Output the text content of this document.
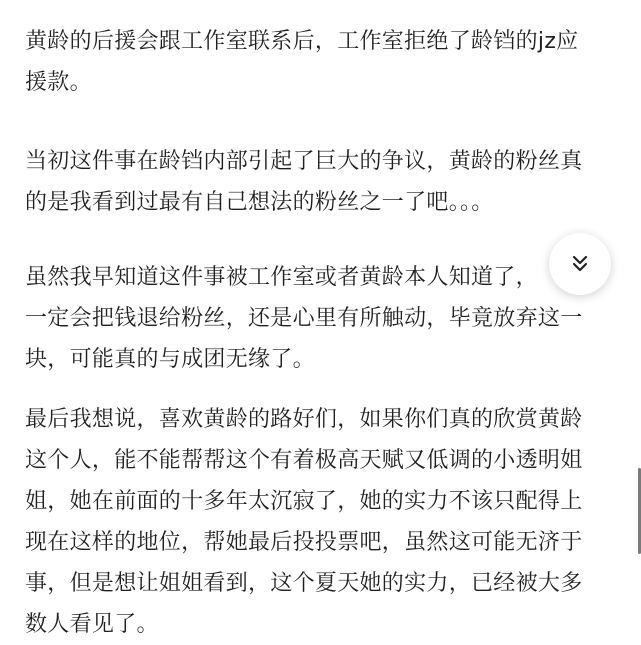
黄龄的后援会跟工作室联系后，工作室拒绝了龄铛的jz应
援款。

当初这件事在龄铛内部引起了巨大的争议，黄龄的粉丝真
的是我看到过最有自己想法的粉丝之一了吧。。。

虽然我早知道这件事被工作室或者黄龄本人知道了，
一定会把钱退给粉丝，还是心里有所触动，毕竟放弃这一
块，可能真的与成团无缘了。

最后我想说，喜欢黄龄的路好们，如果你们真的欣赏黄龄
这个人，能不能帮帮这个有着极高天赋又低调的小透明姐
姐，她在前面的十多年太沉寂了，她的实力不该只配得上
现在这样的地位，帮她最后投投票吧，虽然这可能无济于
事，但是想让姐姐看到，这个夏天她的实力，已经被大多
数人看见了。
